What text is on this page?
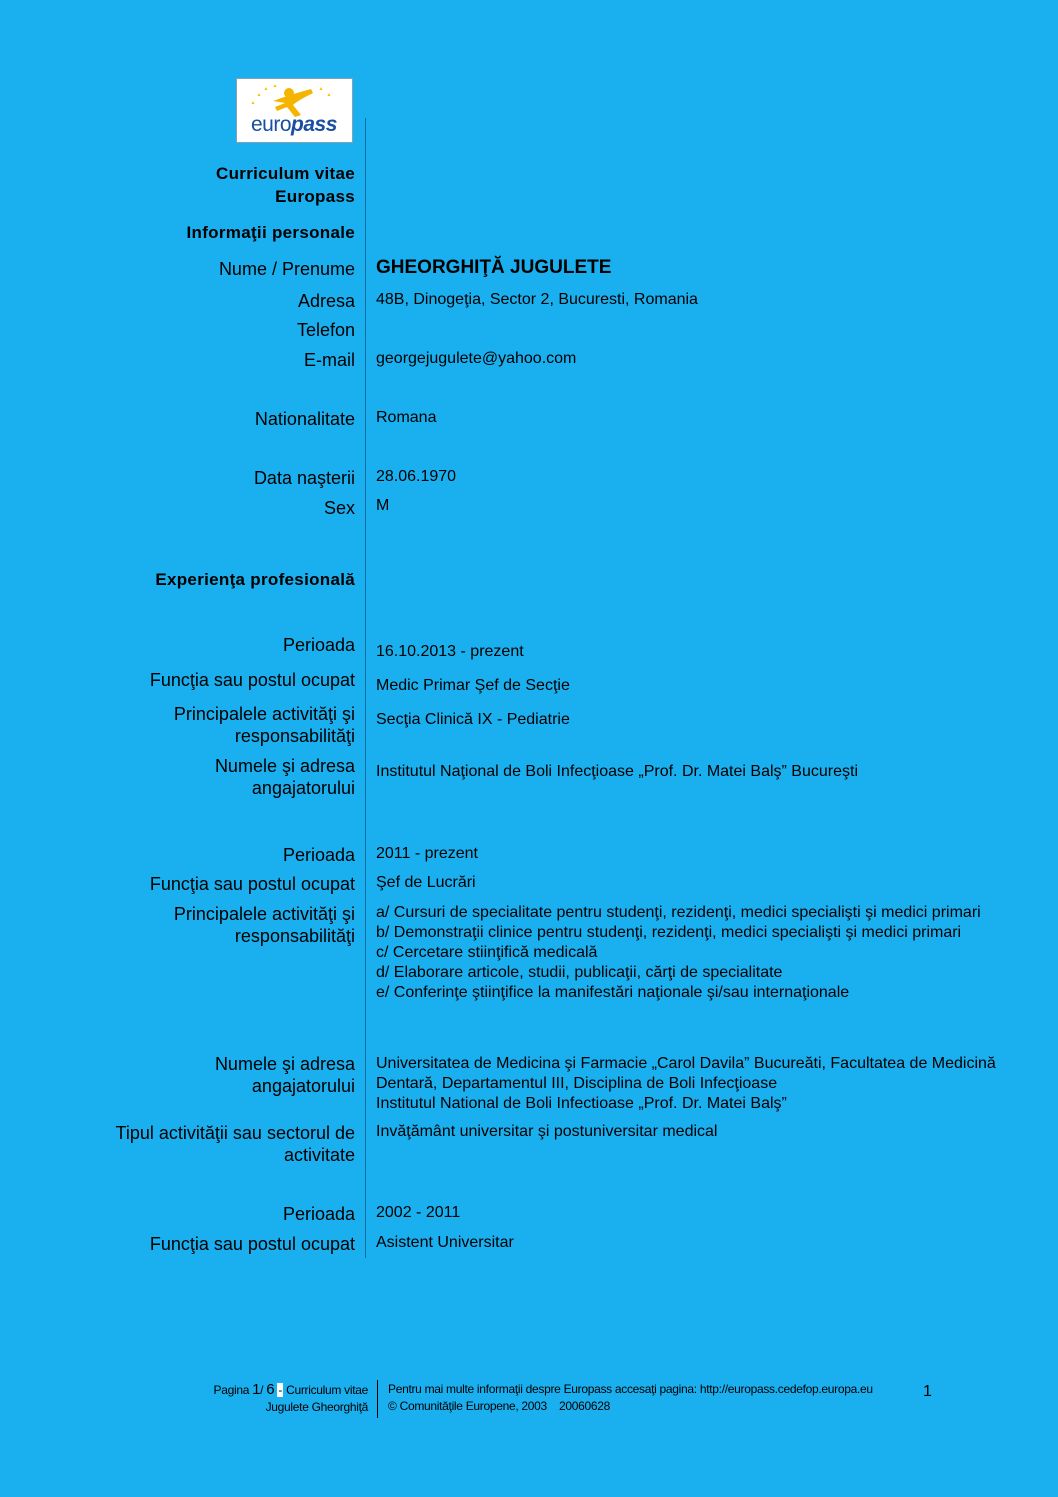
europass
Curriculum vitae
Europass
Informaţii personale
Nume / Prenume GHEORGHIŢĂ JUGULETE
Adresa 48B, Dinogeţia, Sector 2, Bucuresti, Romania
Telefon
E-mail georgejugulete@yahoo.com
Nationalitate Romana
Data naşterii 28.06.1970
Sex M
Experienţa profesională
Perioada 16.10.2013 - prezent
Funcţia sau postul ocupat Medic Primar Şef de Secţie
Principalele activităţi şi responsabilităţi
Secţia Clinică IX - Pediatrie
Numele şi adresa angajatorului
Institutul Naţional de Boli Infecţioase „Prof. Dr. Matei Balş” Bucureşti
Perioada 2011 - prezent
Funcţia sau postul ocupat Şef de Lucrări
Principalele activităţi şi responsabilităţi
a/ Cursuri de specialitate pentru studenţi, rezidenţi, medici specialişti şi medici primari
b/ Demonstraţii clinice pentru studenţi, rezidenţi, medici specialişti şi medici primari
c/ Cercetare stiinţifică medicală
d/ Elaborare articole, studii, publicaţii, cărţi de specialitate
e/ Conferinţe ştiinţifice la manifestări naţionale şi/sau internaţionale
Numele şi adresa angajatorului
Universitatea de Medicina şi Farmacie „Carol Davila” Bucureăti, Facultatea de Medicină Dentară, Departamentul III, Disciplina de Boli Infecţioase
Institutul National de Boli Infectioase „Prof. Dr. Matei Balş”
Tipul activităţii sau sectorul de activitate
Invăţământ universitar şi postuniversitar medical
Perioada 2002 - 2011
Funcţia sau postul ocupat Asistent Universitar
Pagina 1/ 6 - Curriculum vitae
Jugulete Gheorghiţă
Pentru mai multe informaţii despre Europass accesaţi pagina: http://europass.cedefop.europa.eu
© Comunităţile Europene, 2003    20060628
1
